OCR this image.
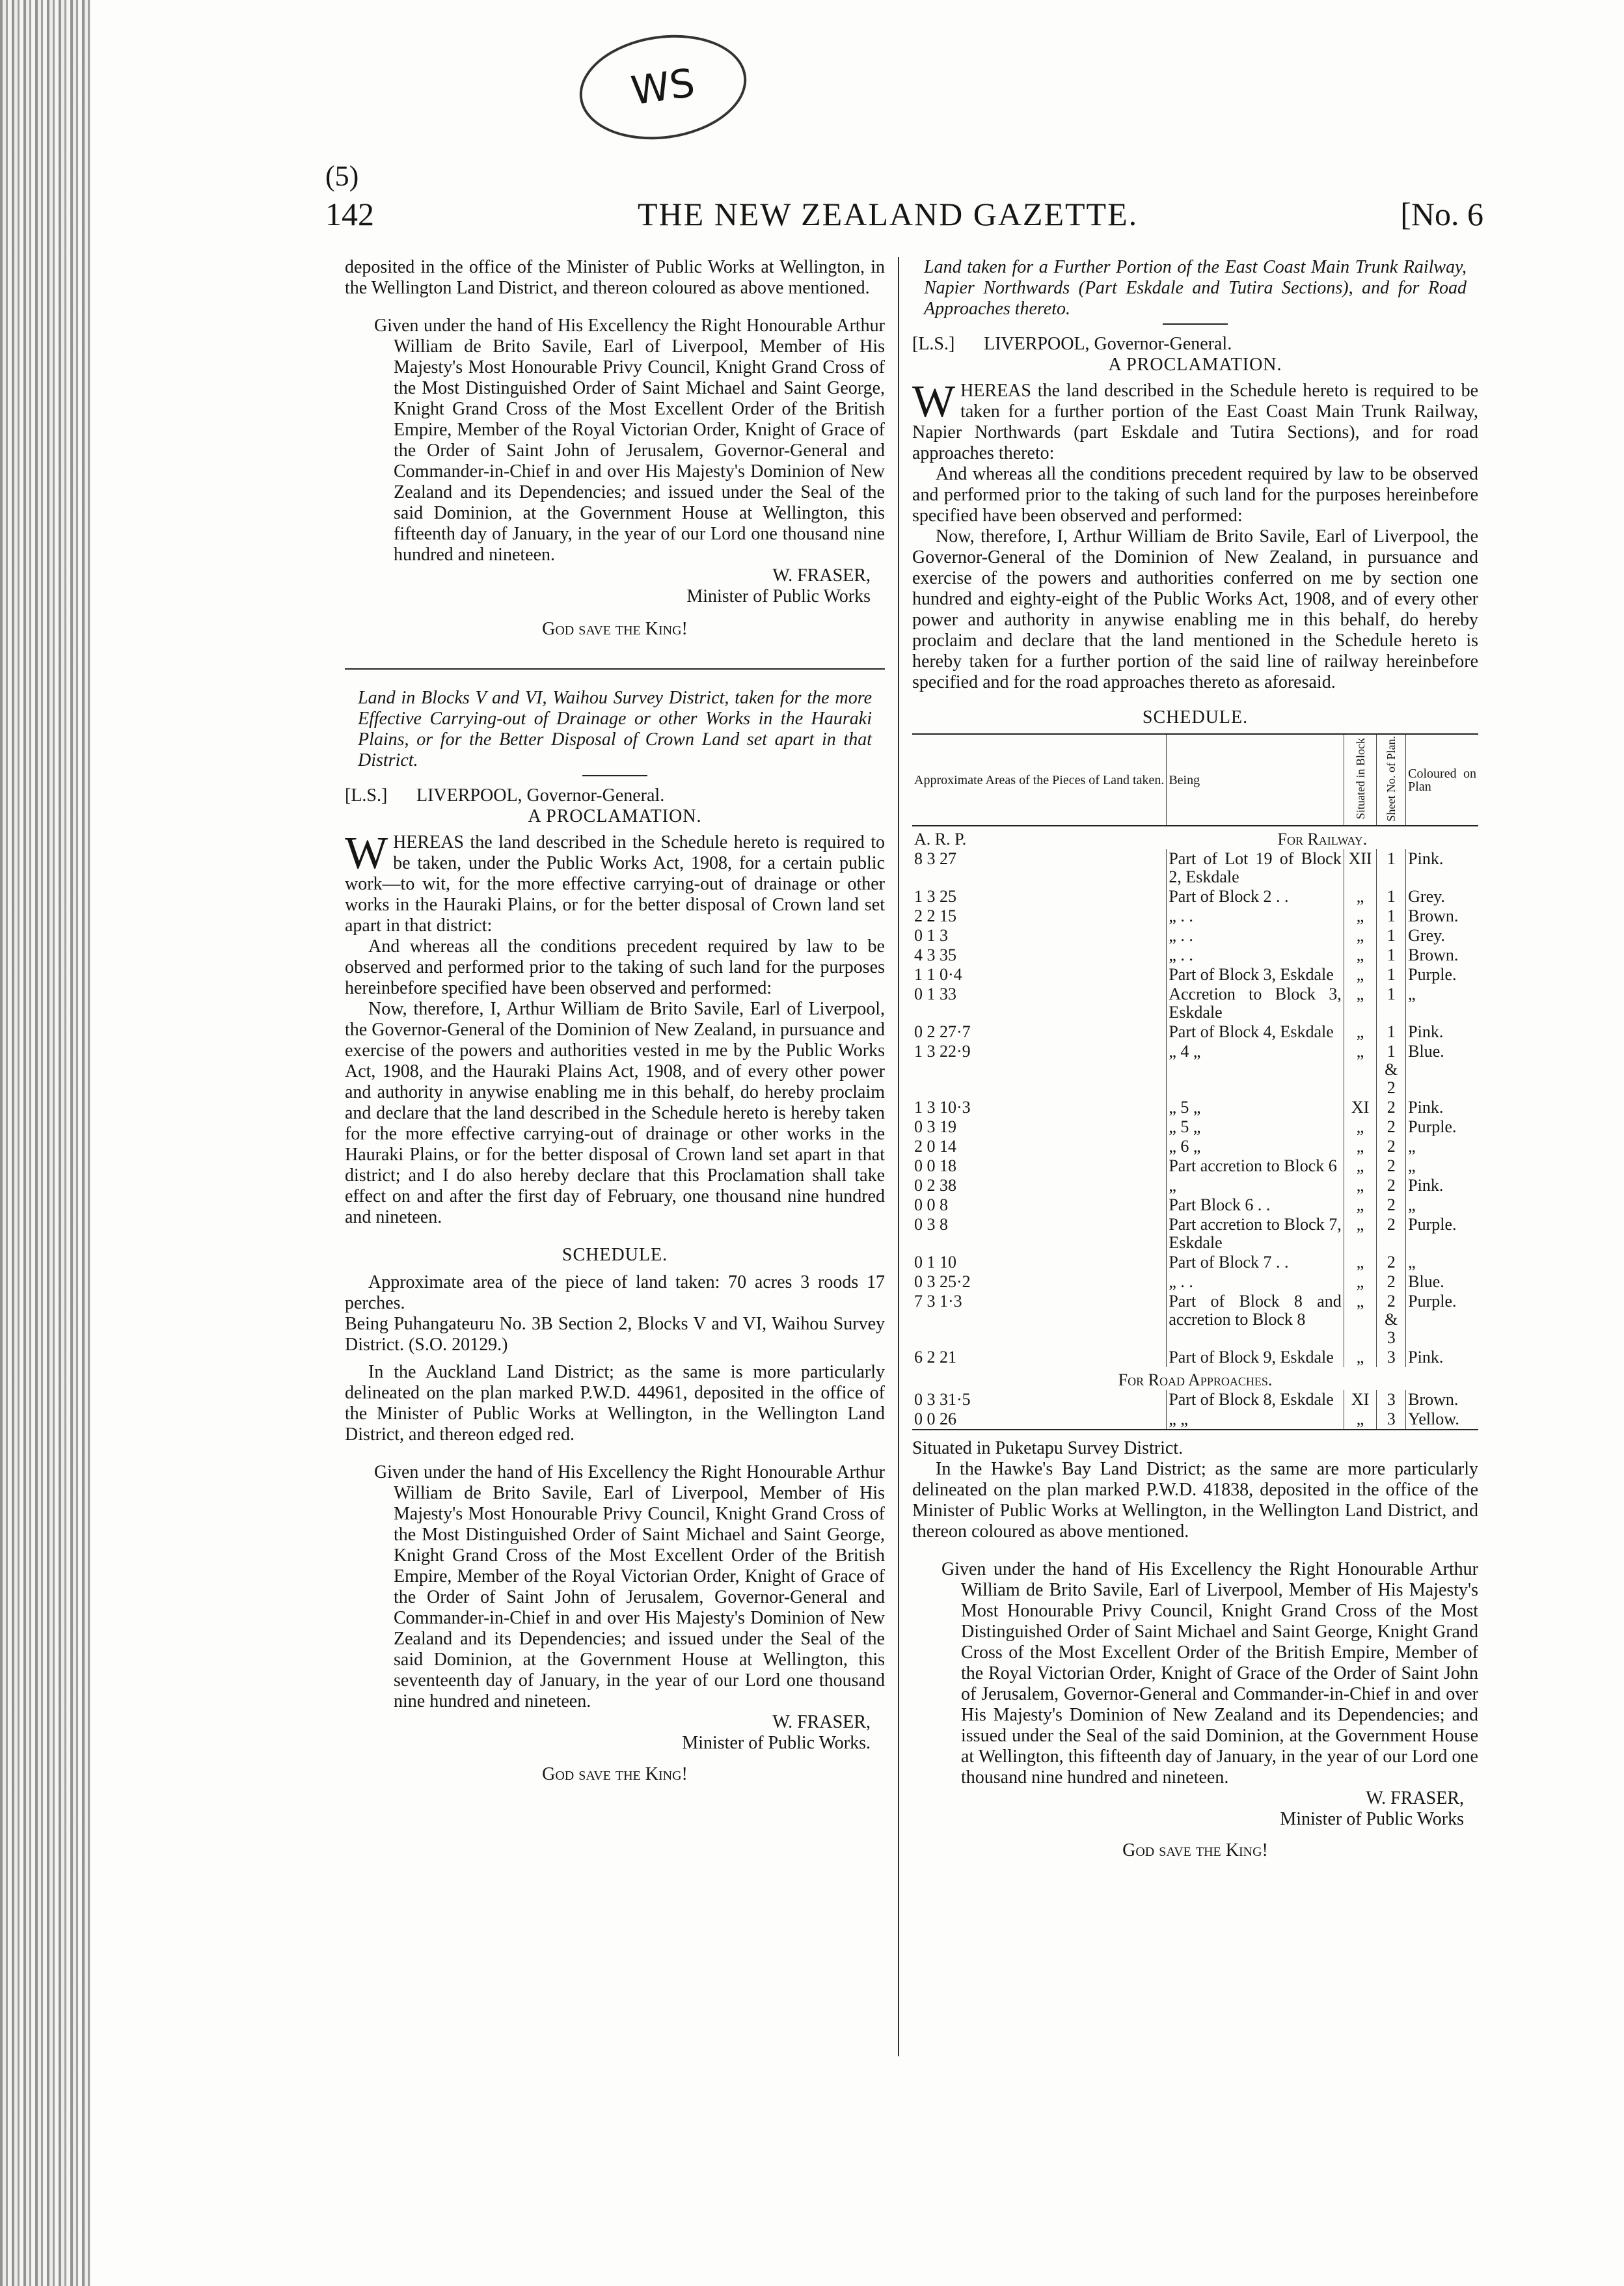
WS
(5)
142	THE NEW ZEALAND GAZETTE.	[No. 6

deposited in the office of the Minister of Public Works at Wellington, in the Wellington Land District, and thereon coloured as above mentioned.

Given under the hand of His Excellency the Right Honourable Arthur William de Brito Savile, Earl of Liverpool, Member of His Majesty's Most Honourable Privy Council, Knight Grand Cross of the Most Distinguished Order of Saint Michael and Saint George, Knight Grand Cross of the Most Excellent Order of the British Empire, Member of the Royal Victorian Order, Knight of Grace of the Order of Saint John of Jerusalem, Governor-General and Commander-in-Chief in and over His Majesty's Dominion of New Zealand and its Dependencies; and issued under the Seal of the said Dominion, at the Government House at Wellington, this fifteenth day of January, in the year of our Lord one thousand nine hundred and nineteen.

W. FRASER,

Minister of Public Works

God save the King!

Land in Blocks V and VI, Waihou Survey District, taken for the more Effective Carrying-out of Drainage or other Works in the Hauraki Plains, or for the Better Disposal of Crown Land set apart in that District.

[L.S.] LIVERPOOL, Governor-General.

A PROCLAMATION.

WHEREAS the land described in the Schedule hereto is required to be taken, under the Public Works Act, 1908, for a certain public work—to wit, for the more effective carrying-out of drainage or other works in the Hauraki Plains, or for the better disposal of Crown land set apart in that district:

And whereas all the conditions precedent required by law to be observed and performed prior to the taking of such land for the purposes hereinbefore specified have been observed and performed:

Now, therefore, I, Arthur William de Brito Savile, Earl of Liverpool, the Governor-General of the Dominion of New Zealand, in pursuance and exercise of the powers and authorities vested in me by the Public Works Act, 1908, and the Hauraki Plains Act, 1908, and of every other power and authority in anywise enabling me in this behalf, do hereby proclaim and declare that the land described in the Schedule hereto is hereby taken for the more effective carrying-out of drainage or other works in the Hauraki Plains, or for the better disposal of Crown land set apart in that district; and I do also hereby declare that this Proclamation shall take effect on and after the first day of February, one thousand nine hundred and nineteen.

SCHEDULE.

Approximate area of the piece of land taken: 70 acres 3 roods 17 perches.

Being Puhangateuru No. 3B Section 2, Blocks V and VI, Waihou Survey District. (S.O. 20129.)

In the Auckland Land District; as the same is more particularly delineated on the plan marked P.W.D. 44961, deposited in the office of the Minister of Public Works at Wellington, in the Wellington Land District, and thereon edged red.

Given under the hand of His Excellency the Right Honourable Arthur William de Brito Savile, Earl of Liverpool, Member of His Majesty's Most Honourable Privy Council, Knight Grand Cross of the Most Distinguished Order of Saint Michael and Saint George, Knight Grand Cross of the Most Excellent Order of the British Empire, Member of the Royal Victorian Order, Knight of Grace of the Order of Saint John of Jerusalem, Governor-General and Commander-in-Chief in and over His Majesty's Dominion of New Zealand and its Dependencies; and issued under the Seal of the said Dominion, at the Government House at Wellington, this seventeenth day of January, in the year of our Lord one thousand nine hundred and nineteen.

W. FRASER,

Minister of Public Works.

God save the King!

Land taken for a Further Portion of the East Coast Main Trunk Railway, Napier Northwards (Part Eskdale and Tutira Sections), and for Road Approaches thereto.

[L.S.] LIVERPOOL, Governor-General.

A PROCLAMATION.

WHEREAS the land described in the Schedule hereto is required to be taken for a further portion of the East Coast Main Trunk Railway, Napier Northwards (part Eskdale and Tutira Sections), and for road approaches thereto:

And whereas all the conditions precedent required by law to be observed and performed prior to the taking of such land for the purposes hereinbefore specified have been observed and performed:

Now, therefore, I, Arthur William de Brito Savile, Earl of Liverpool, the Governor-General of the Dominion of New Zealand, in pursuance and exercise of the powers and authorities conferred on me by section one hundred and eighty-eight of the Public Works Act, 1908, and of every other power and authority in anywise enabling me in this behalf, do hereby proclaim and declare that the land mentioned in the Schedule hereto is hereby taken for a further portion of the said line of railway hereinbefore specified and for the road approaches thereto as aforesaid.

SCHEDULE.

Approximate Areas of the Pieces of Land taken.	Being	Situated in Block	Sheet No. of Plan.	Coloured on Plan
A. R. P.	For Railway.			
8 3 27	Part of Lot 19 of Block 2, Eskdale	XII	1	Pink.
1 3 25	Part of Block 2 . .	„	1	Grey.
2 2 15	„ . .	„	1	Brown.
0 1 3	„ . .	„	1	Grey.
4 3 35	„ . .	„	1	Brown.
1 1 0·4	Part of Block 3, Eskdale	„	1	Purple.
0 1 33	Accretion to Block 3, Eskdale	„	1	„
0 2 27·7	Part of Block 4, Eskdale	„	1	Pink.
1 3 22·9	„ 4 „	„	1 & 2	Blue.
1 3 10·3	„ 5 „	XI	2	Pink.
0 3 19	„ 5 „	„	2	Purple.
2 0 14	„ 6 „	„	2	„
0 0 18	Part accretion to Block 6	„	2	„
0 2 38	„	„	2	Pink.
0 0 8	Part Block 6 . .	„	2	„
0 3 8	Part accretion to Block 7, Eskdale	„	2	Purple.
0 1 10	Part of Block 7 . .	„	2	„
0 3 25·2	„ . .	„	2	Blue.
7 3 1·3	Part of Block 8 and accretion to Block 8	„	2 & 3	Purple.
6 2 21	Part of Block 9, Eskdale	„	3	Pink.
For Road Approaches.				
0 3 31·5	Part of Block 8, Eskdale	XI	3	Brown.
0 0 26	„ „	„	3	Yellow.

Situated in Puketapu Survey District.

In the Hawke's Bay Land District; as the same are more particularly delineated on the plan marked P.W.D. 41838, deposited in the office of the Minister of Public Works at Wellington, in the Wellington Land District, and thereon coloured as above mentioned.

Given under the hand of His Excellency the Right Honourable Arthur William de Brito Savile, Earl of Liverpool, Member of His Majesty's Most Honourable Privy Council, Knight Grand Cross of the Most Distinguished Order of Saint Michael and Saint George, Knight Grand Cross of the Most Excellent Order of the British Empire, Member of the Royal Victorian Order, Knight of Grace of the Order of Saint John of Jerusalem, Governor-General and Commander-in-Chief in and over His Majesty's Dominion of New Zealand and its Dependencies; and issued under the Seal of the said Dominion, at the Government House at Wellington, this fifteenth day of January, in the year of our Lord one thousand nine hundred and nineteen.

W. FRASER,

Minister of Public Works

God save the King!
